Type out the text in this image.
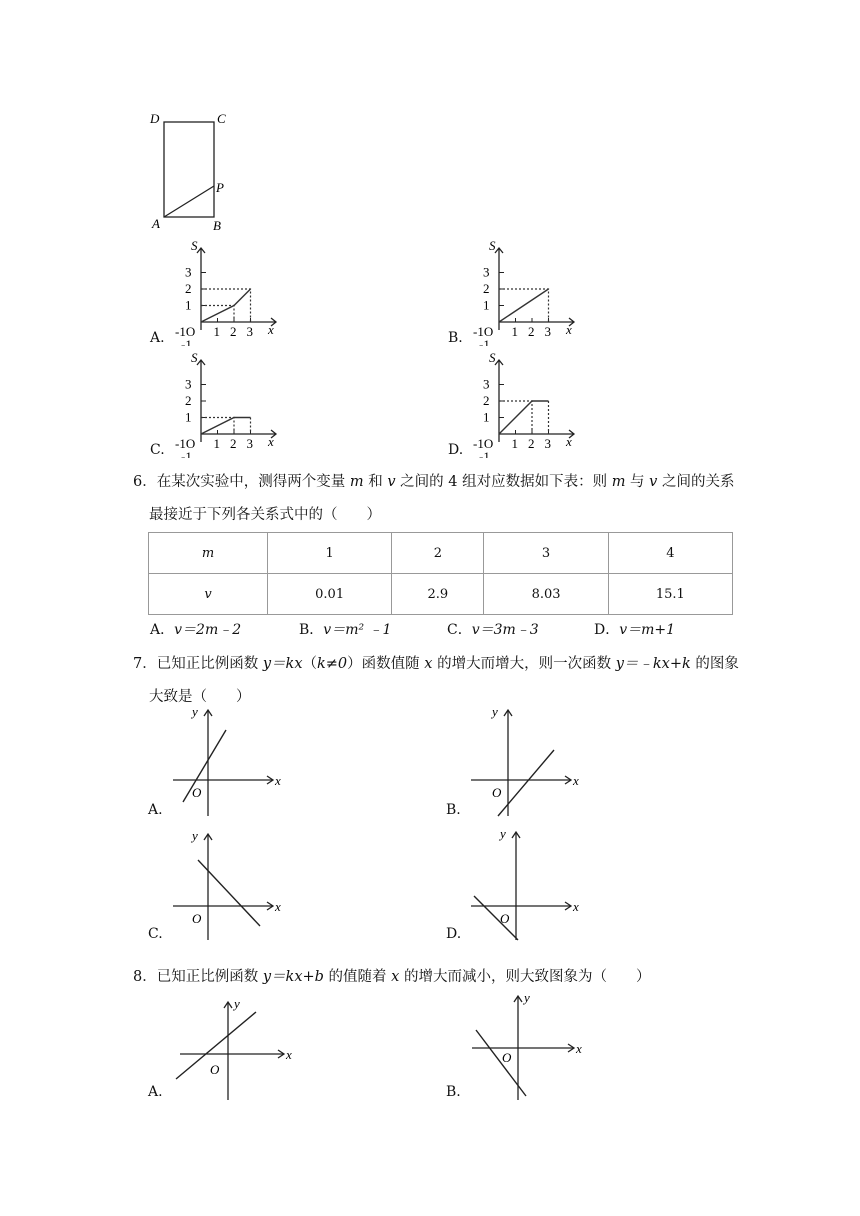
D	C
P
A	B
1
2
3
1 2 3
S
x
-1O
-1
A.
1
2
3
1 2 3
S
x
-1O
-1
B.
1
2
3
1 2 3
S
x
-1O
-1
C.
1
2
3
1 2 3
S
x
-1O
-1
D.
6．在某次实验中，测得两个变量 m 和 v 之间的 4 组对应数据如下表：则 m 与 v 之间的关系
最接近于下列各关系式中的（　　）
m	1	2	3	4
v	0.01	2.9	8.03	15.1
A．v＝2m﹣2	B．v＝m² ﹣1	C．v＝3m﹣3	D．v＝m+1
7．已知正比例函数 y＝kx（k≠0）函数值随 x 的增大而增大，则一次函数 y＝﹣kx+k 的图象
大致是（　　）
x
y
O
A.
x
y
O
B.
x
y
O
C.
x
y
O
D.
8．已知正比例函数 y＝kx+b 的值随着 x 的增大而减小，则大致图象为（　　）
x
y
O
A.
x
y
O
B.
